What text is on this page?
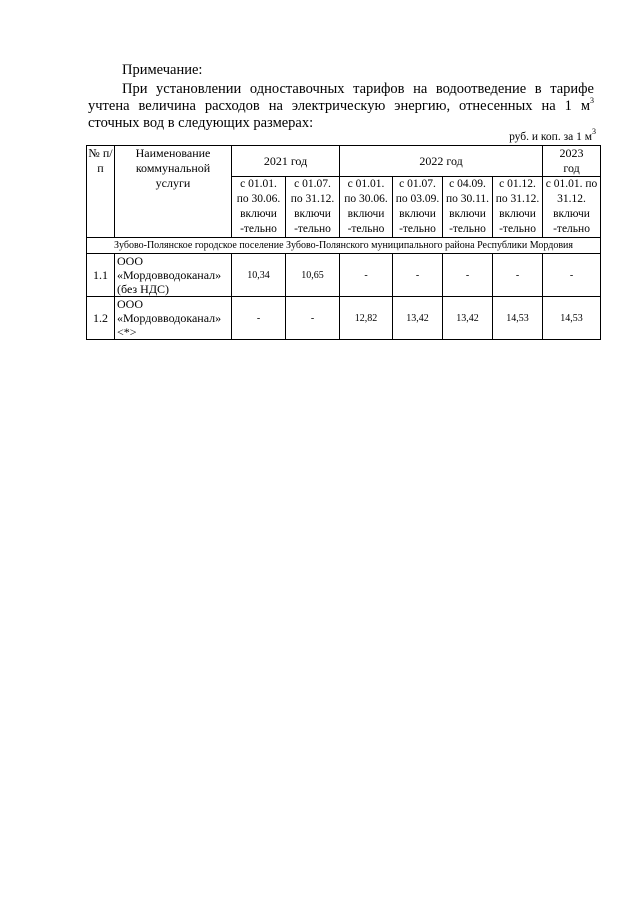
Примечание:
При установлении одноставочных тарифов на водоотведение в тарифе
учтена величина расходов на электрическую энергию, отнесенных на 1 $м^3$
сточных вод в следующих размерах:
руб. и коп. за 1 $м^3$
№ п/ п	Наименование коммунальной услуги	2021 год		2022 год				2023 год
		с 01.01. по 30.06. включи -тельно	с 01.07. по 31.12. включи -тельно	с 01.01. по 30.06. включи -тельно	с 01.07. по 03.09. включи -тельно	с 04.09. по 30.11. включи -тельно	с 01.12. по 31.12. включи -тельно	с 01.01. по 31.12. включи -тельно
Зубово-Полянское городское поселение Зубово-Полянского муниципального района Республики Мордовия								
1.1	ООО «Мордовводоканал» (без НДС)	10,34	10,65	-	-	-	-	-
1.2	ООО «Мордовводоканал» <*>	-	-	12,82	13,42	13,42	14,53	14,53
